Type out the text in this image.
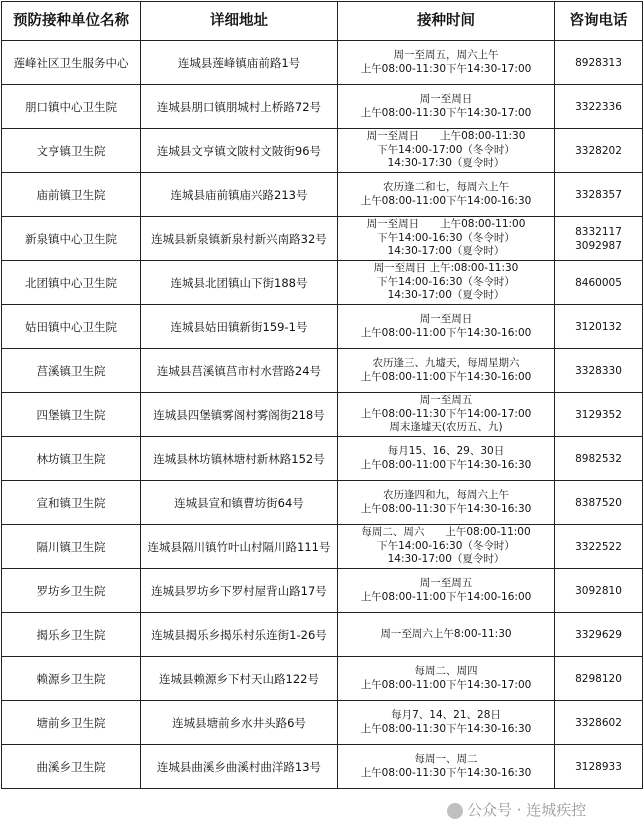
预防接种单位名称	详细地址	接种时间	咨询电话
莲峰社区卫生服务中心	连城县莲峰镇庙前路1号	周一至周五，周六上午
上午08:00-11:30下午14:30-17:00	8928313

朋口镇中心卫生院	连城县朋口镇朋城村上桥路72号	周一至周日
上午08:00-11:30下午14:30-17:00	3322336

文亨镇卫生院	连城县文亨镇文陂村文陂街96号	周一至周日　　上午08:00-11:30
下午14:00-17:00（冬令时）
14:30-17:30（夏令时）	3328202

庙前镇卫生院	连城县庙前镇庙兴路213号	农历逢二和七，每周六上午
上午08:00-11:00下午14:00-16:30	3328357

新泉镇中心卫生院	连城县新泉镇新泉村新兴南路32号	周一至周日　　上午08:00-11:00
下午14:00-16:30（冬令时）
14:30-17:00（夏令时）	8332117
3092987

北团镇中心卫生院	连城县北团镇山下街188号	周一至周日 上午:08:00-11:30
下午14:00-16:30（冬令时）
14:30-17:00（夏令时）	8460005

姑田镇中心卫生院	连城县姑田镇新街159-1号	周一至周日
上午08:00-11:00下午14:30-16:00	3120132

莒溪镇卫生院	连城县莒溪镇莒市村水营路24号	农历逢三、九墟天，每周星期六
上午08:00-11:00下午14:30-16:00	3328330

四堡镇卫生院	连城县四堡镇雾阁村雾阁街218号	周一至周五
上午08:00-11:30下午14:00-17:00
周末逢墟天(农历五、九)	3129352

林坊镇卫生院	连城县林坊镇林塘村新林路152号	每月15、16、29、30日
上午08:00-11:00下午14:30-16:30	8982532

宣和镇卫生院	连城县宣和镇曹坊街64号	农历逢四和九，每周六上午
上午08:00-11:30下午14:30-16:30	8387520

隔川镇卫生院	连城县隔川镇竹叶山村隔川路111号	每周二、周六　　上午08:00-11:00
下午14:00-16:30（冬令时）
14:30-17:00（夏令时）	3322522

罗坊乡卫生院	连城县罗坊乡下罗村屋背山路17号	周一至周五
上午08:00-11:00下午14:00-16:00	3092810

揭乐乡卫生院	连城县揭乐乡揭乐村乐连街1-26号	周一至周六上午8:00-11:30	3329629

赖源乡卫生院	连城县赖源乡下村天山路122号	每周二、周四
上午08:00-11:00下午14:30-17:00	8298120

塘前乡卫生院	连城县塘前乡水井头路6号	每月7、14、21、28日
上午08:00-11:30下午14:30-16:30	3328602

曲溪乡卫生院	连城县曲溪乡曲溪村曲洋路13号	每周一、周二
上午08:00-11:30下午14:30-16:30	3128933
公众号 · 连城疾控
